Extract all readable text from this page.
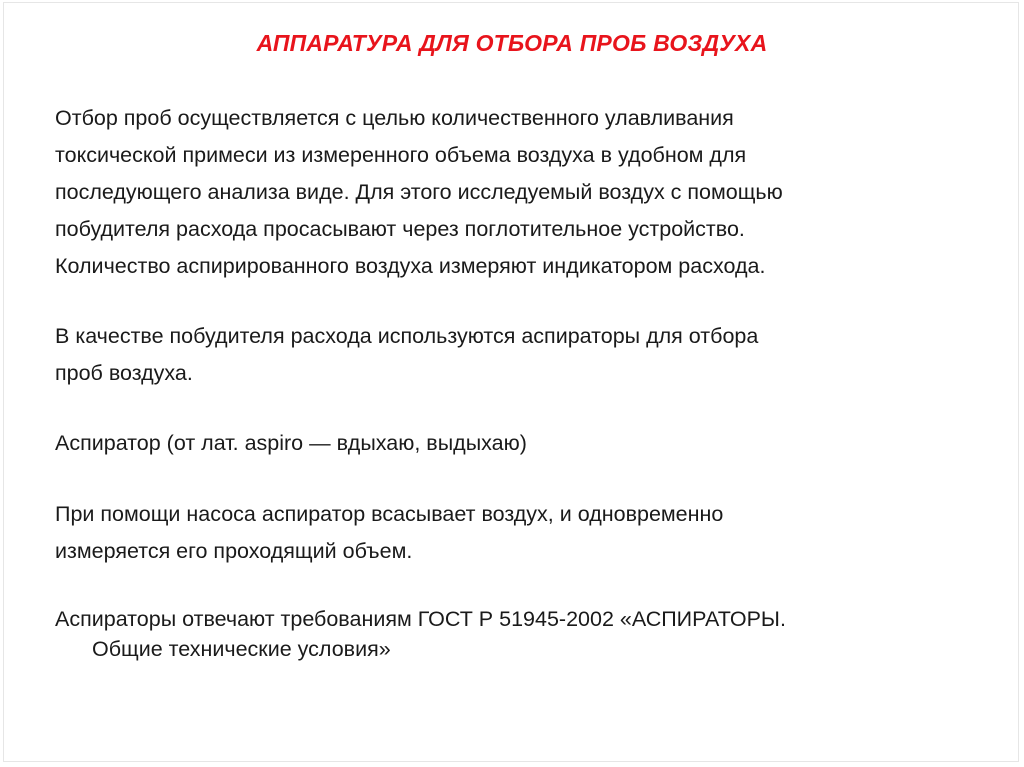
АППАРАТУРА ДЛЯ ОТБОРА ПРОБ ВОЗДУХА
Отбор проб осуществляется с целью количественного улавливания
токсической примеси из измеренного объема воздуха в удобном для
последующего анализа виде. Для этого исследуемый воздух с помощью
побудителя расхода просасывают через поглотительное устройство.
Количество аспирированного воздуха измеряют индикатором расхода.
В качестве побудителя расхода используются аспираторы для отбора
проб воздуха.
Аспиратор (от лат. aspiro — вдыхаю, выдыхаю)
При помощи насоса аспиратор всасывает воздух, и одновременно
измеряется его проходящий объем.
Аспираторы отвечают требованиям ГОСТ Р 51945-2002 «АСПИРАТОРЫ.
Общие технические условия»
